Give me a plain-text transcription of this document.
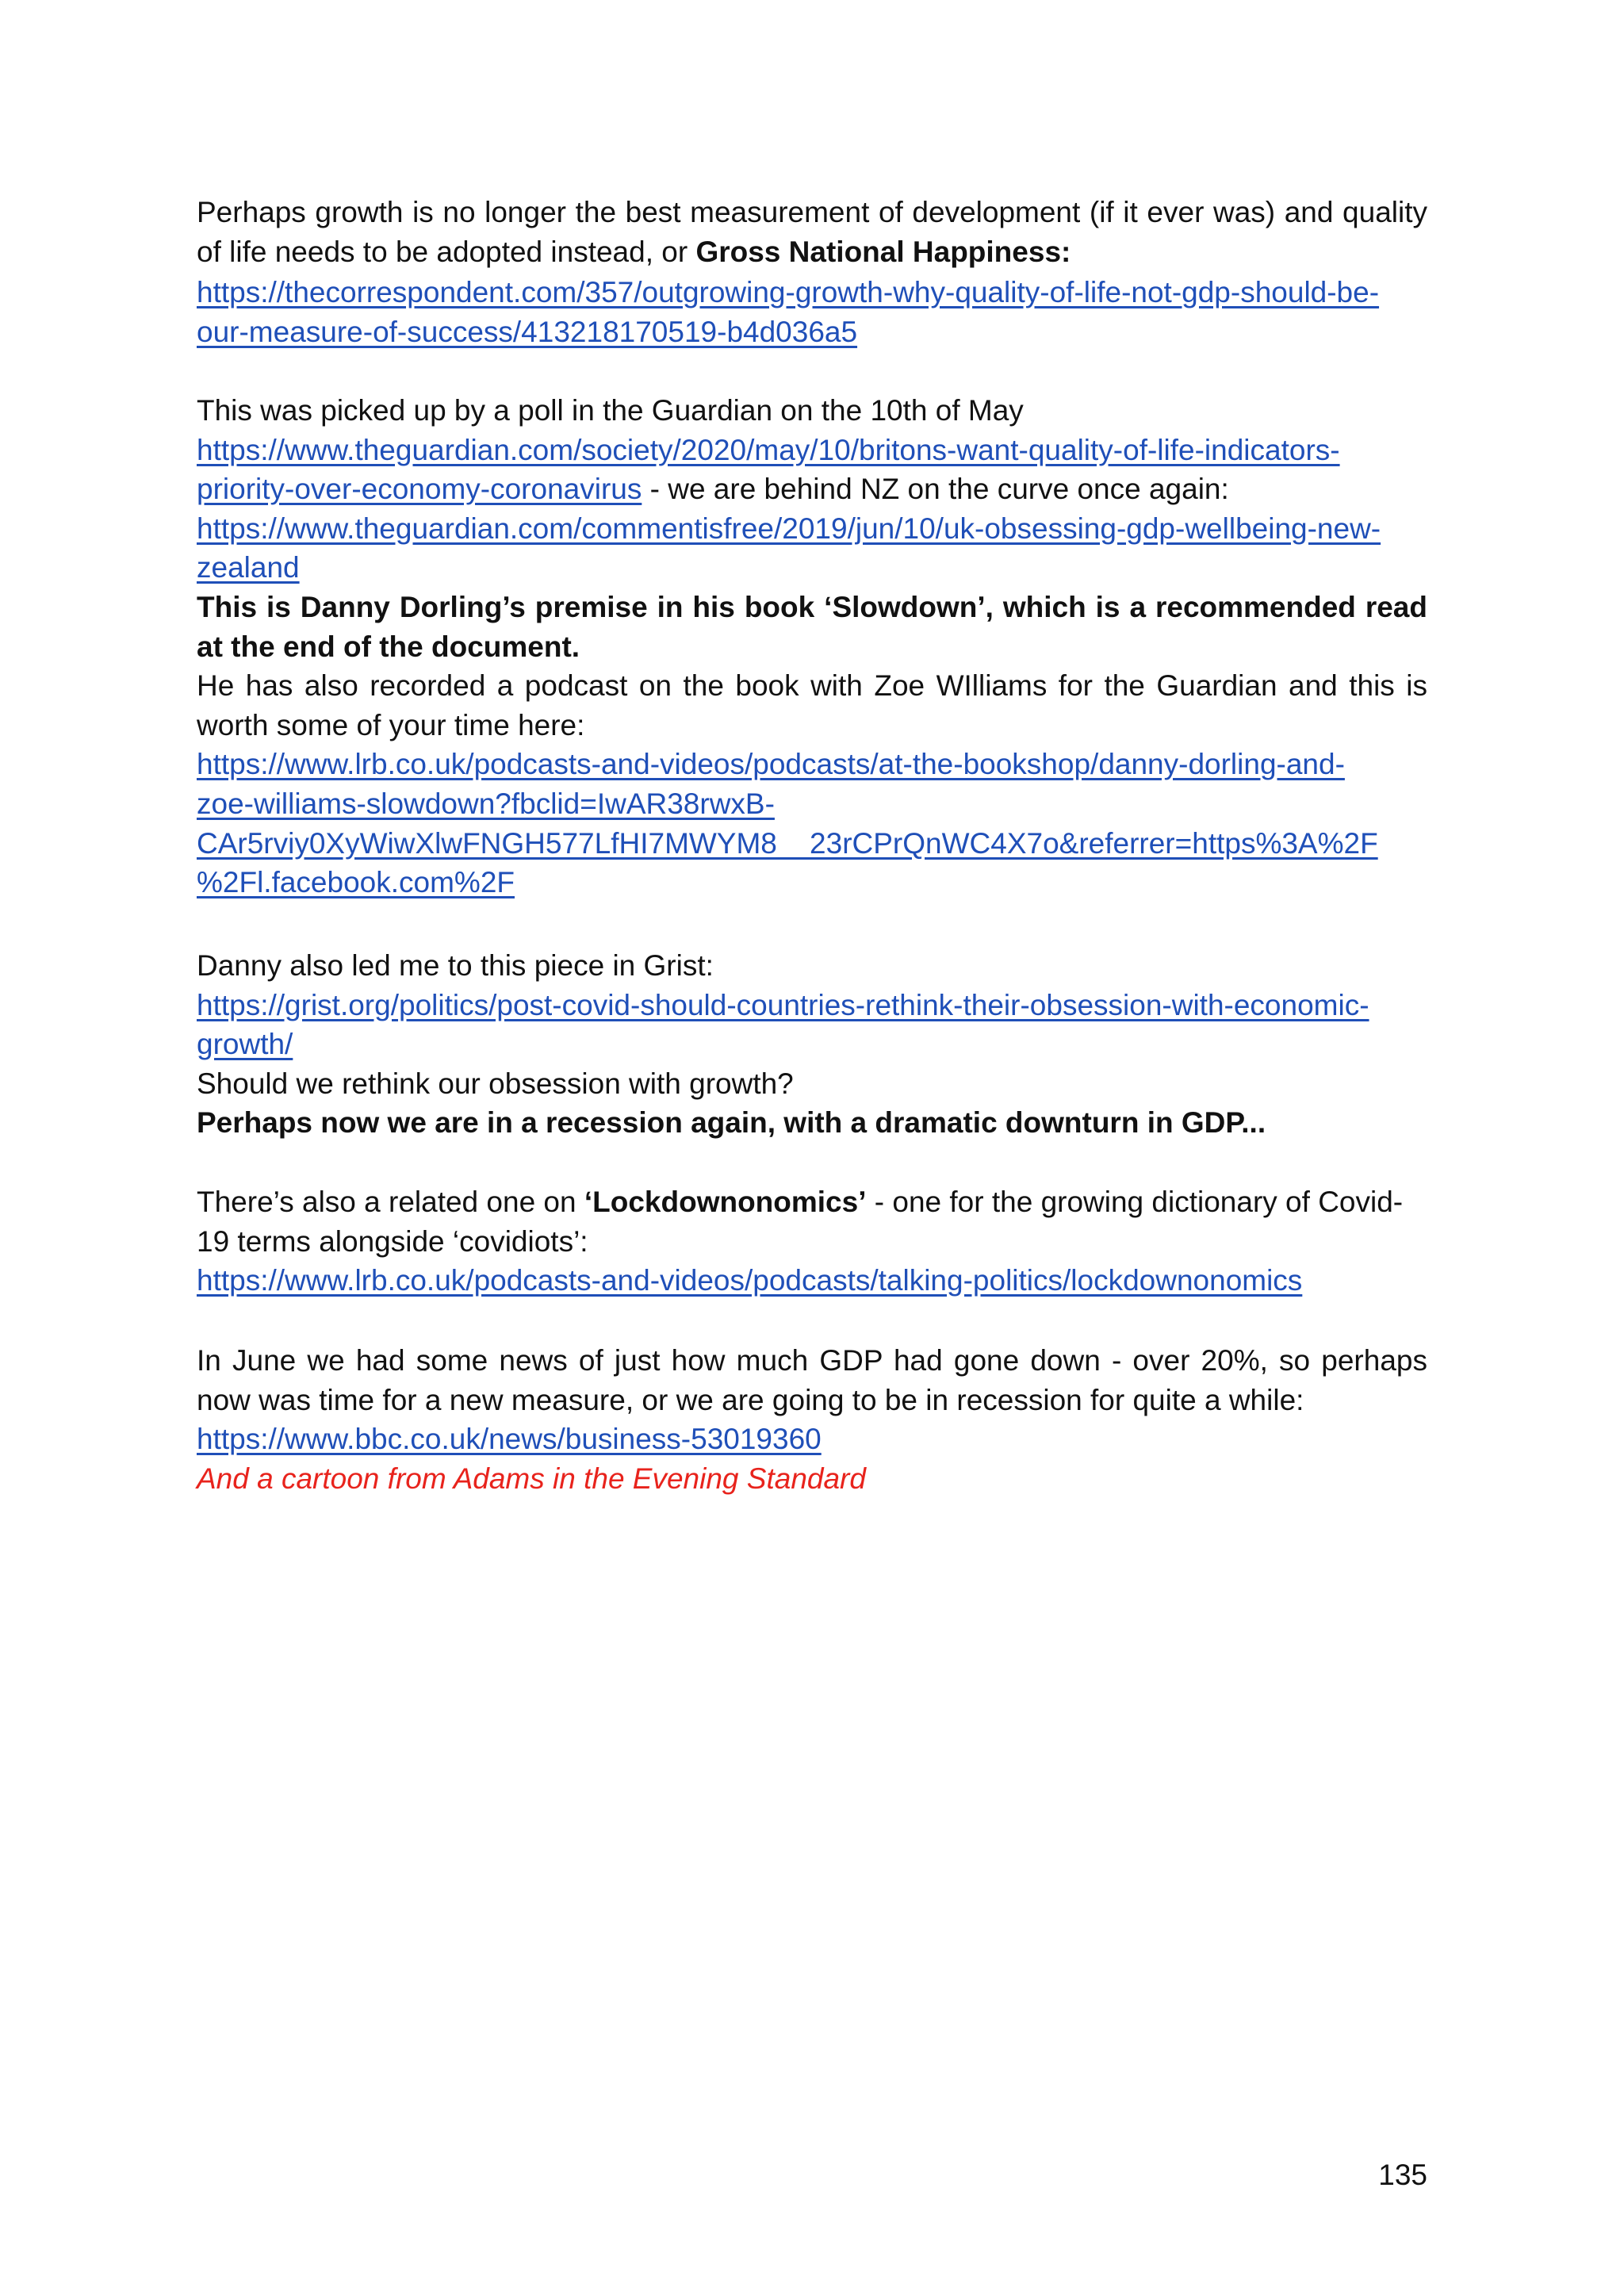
Perhaps growth is no longer the best measurement of development (if it ever was) and quality
of life needs to be adopted instead, or Gross National Happiness:
https://thecorrespondent.com/357/outgrowing-growth-why-quality-of-life-not-gdp-should-be-
our-measure-of-success/413218170519-b4d036a5
This was picked up by a poll in the Guardian on the 10th of May
https://www.theguardian.com/society/2020/may/10/britons-want-quality-of-life-indicators-
priority-over-economy-coronavirus - we are behind NZ on the curve once again:
https://www.theguardian.com/commentisfree/2019/jun/10/uk-obsessing-gdp-wellbeing-new-
zealand
This is Danny Dorling’s premise in his book ‘Slowdown’, which is a recommended read
at the end of the document.
He has also recorded a podcast on the book with Zoe WIlliams for the Guardian and this is
worth some of your time here:
https://www.lrb.co.uk/podcasts-and-videos/podcasts/at-the-bookshop/danny-dorling-and-
zoe-williams-slowdown?fbclid=IwAR38rwxB-
CAr5rviy0XyWiwXlwFNGH577LfHI7MWYM8__23rCPrQnWC4X7o&referrer=https%3A%2F
%2Fl.facebook.com%2F
Danny also led me to this piece in Grist:
https://grist.org/politics/post-covid-should-countries-rethink-their-obsession-with-economic-
growth/
Should we rethink our obsession with growth?
Perhaps now we are in a recession again, with a dramatic downturn in GDP...
There’s also a related one on ‘Lockdownonomics’ - one for the growing dictionary of Covid-
19 terms alongside ‘covidiots’:
https://www.lrb.co.uk/podcasts-and-videos/podcasts/talking-politics/lockdownonomics
In June we had some news of just how much GDP had gone down - over 20%, so perhaps
now was time for a new measure, or we are going to be in recession for quite a while:
https://www.bbc.co.uk/news/business-53019360
And a cartoon from Adams in the Evening Standard
135
